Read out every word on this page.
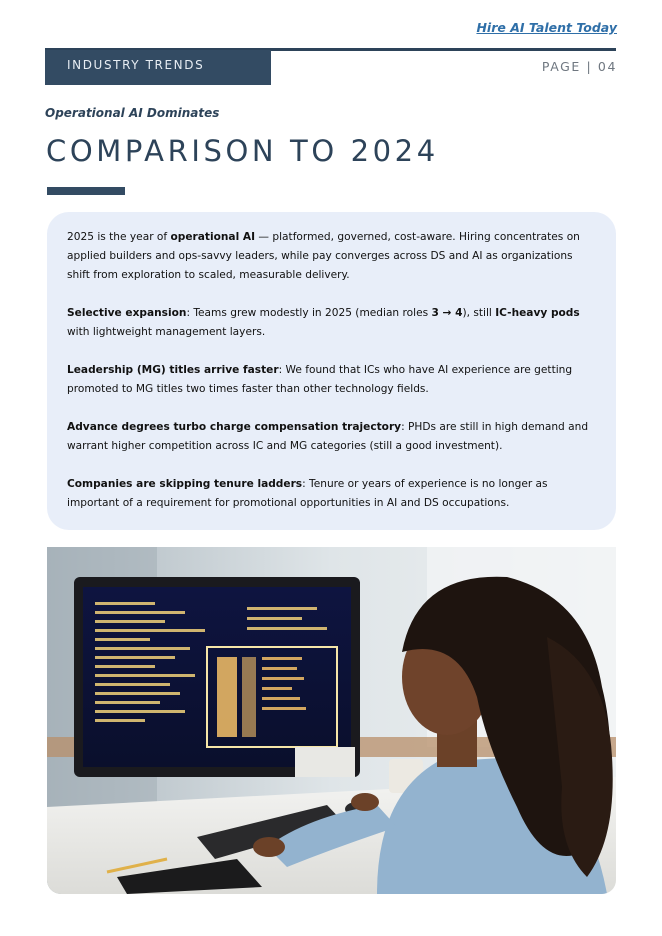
Hire AI Talent Today
INDUSTRY TRENDS	PAGE | 04
Operational AI Dominates
COMPARISON TO 2024

2025 is the year of operational AI — platformed, governed, cost-aware. Hiring concentrates on applied builders and ops-savvy leaders, while pay converges across DS and AI as organizations shift from exploration to scaled, measurable delivery.

Selective expansion: Teams grew modestly in 2025 (median roles 3 → 4), still IC-heavy pods with lightweight management layers.

Leadership (MG) titles arrive faster: We found that ICs who have AI experience are getting promoted to MG titles two times faster than other technology fields.

Advance degrees turbo charge compensation trajectory: PHDs are still in high demand and warrant higher competition across IC and MG categories (still a good investment).

Companies are skipping tenure ladders: Tenure or years of experience is no longer as important of a requirement for promotional opportunities in AI and DS occupations.
